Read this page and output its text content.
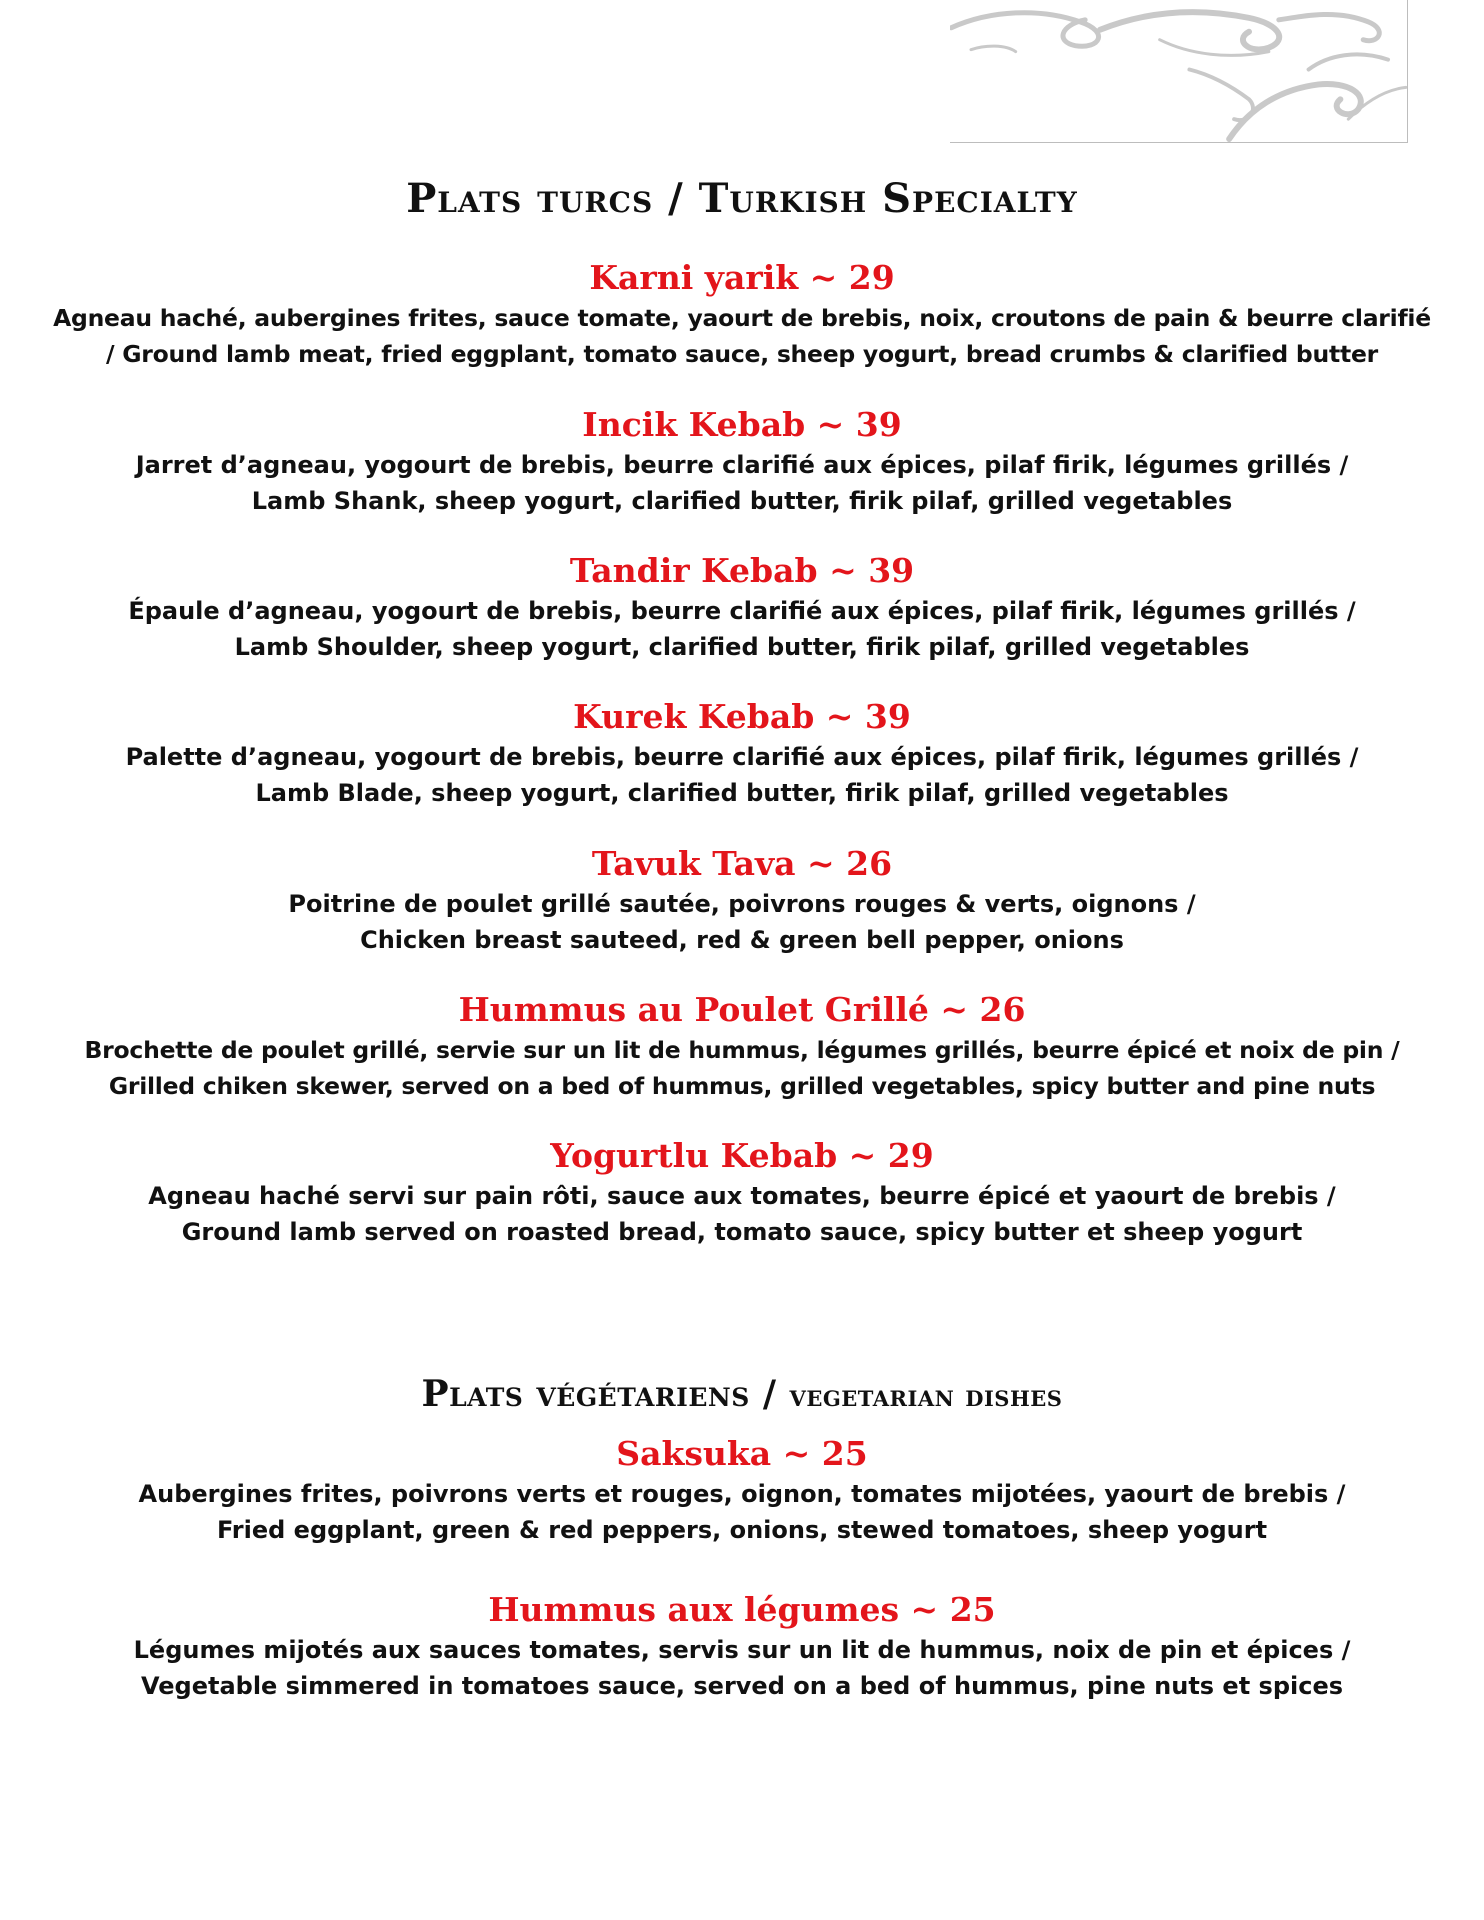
Plats turcs / Turkish Specialty

Karni yarik ~ 29

Agneau haché, aubergines frites, sauce tomate, yaourt de brebis, noix, croutons de pain & beurre clarifié
/ Ground lamb meat, fried eggplant, tomato sauce, sheep yogurt, bread crumbs & clarified butter

Incik Kebab ~ 39

Jarret d’agneau, yogourt de brebis, beurre clarifié aux épices, pilaf firik, légumes grillés /
Lamb Shank, sheep yogurt, clarified butter, firik pilaf, grilled vegetables

Tandir Kebab ~ 39

Épaule d’agneau, yogourt de brebis, beurre clarifié aux épices, pilaf firik, légumes grillés /
Lamb Shoulder, sheep yogurt, clarified butter, firik pilaf, grilled vegetables

Kurek Kebab ~ 39

Palette d’agneau, yogourt de brebis, beurre clarifié aux épices, pilaf firik, légumes grillés /
Lamb Blade, sheep yogurt, clarified butter, firik pilaf, grilled vegetables

Tavuk Tava ~ 26

Poitrine de poulet grillé sautée, poivrons rouges & verts, oignons /
Chicken breast sauteed, red & green bell pepper, onions

Hummus au Poulet Grillé ~ 26

Brochette de poulet grillé, servie sur un lit de hummus, légumes grillés, beurre épicé et noix de pin /
Grilled chiken skewer, served on a bed of hummus, grilled vegetables, spicy butter and pine nuts

Yogurtlu Kebab ~ 29

Agneau haché servi sur pain rôti, sauce aux tomates, beurre épicé et yaourt de brebis /
Ground lamb served on roasted bread, tomato sauce, spicy butter et sheep yogurt

Plats végétariens / vegetarian dishes

Saksuka ~ 25

Aubergines frites, poivrons verts et rouges, oignon, tomates mijotées, yaourt de brebis /
Fried eggplant, green & red peppers, onions, stewed tomatoes, sheep yogurt

Hummus aux légumes ~ 25

Légumes mijotés aux sauces tomates, servis sur un lit de hummus, noix de pin et épices /
Vegetable simmered in tomatoes sauce, served on a bed of hummus, pine nuts et spices
